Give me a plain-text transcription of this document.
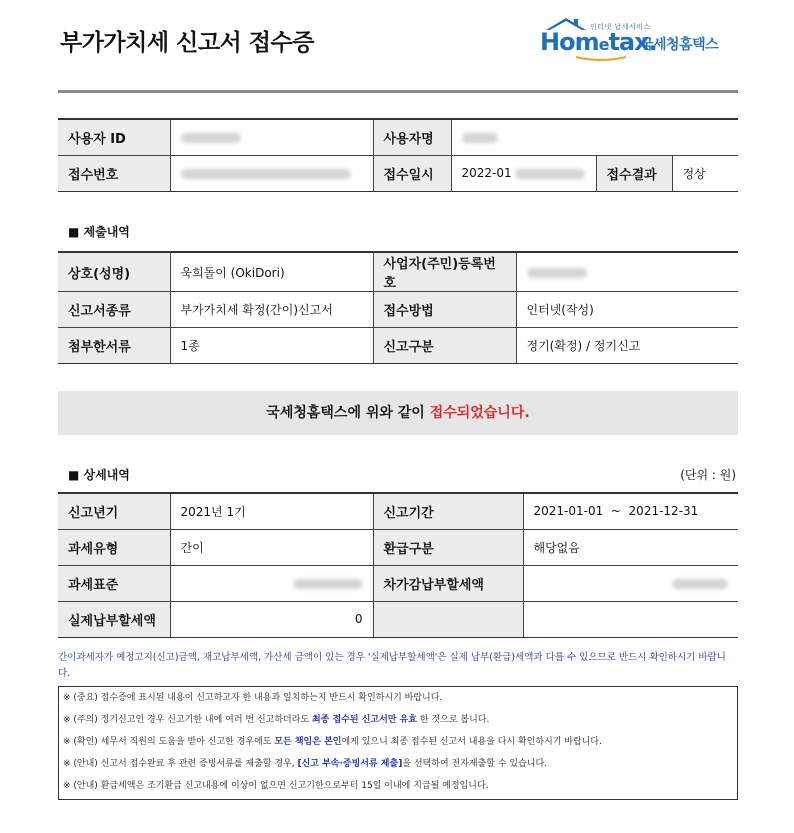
부가가치세 신고서 접수증
인터넷 납세서비스
Hometax.
국세청홈택스
사용자 ID		사용자명			
접수번호		접수일시	2022-01	접수결과	정상
■ 제출내역
상호(성명)	욱희돌이 (OkiDori)	사업자(주민)등록번호	
신고서종류	부가가치세 확정(간이)신고서	접수방법	인터넷(작성)
첨부한서류	1종	신고구분	정기(확정) / 정기신고
국세청홈택스에 위와 같이 접수되었습니다.
■ 상세내역	(단위 : 원)
신고년기	2021년 1기	신고기간	2021-01-01  ~  2021-12-31
과세유형	간이	환급구분	해당없음
과세표준		차가감납부할세액	
실제납부할세액	0		
간이과세자가 예정고지(신고)금액, 재고납부세액, 가산세 금액이 있는 경우 '실제납부할세액'은 실제 납부(환급)세액과 다를 수 있으므로 반드시 확인하시기 바랍니다.
※ (중요) 접수증에 표시된 내용이 신고하고자 한 내용과 일치하는지 반드시 확인하시기 바랍니다.
※ (주의) 정기신고인 경우 신고기한 내에 여러 번 신고하더라도 최종 접수된 신고서만 유효 한 것으로 봅니다.
※ (확인) 세무서 직원의 도움을 받아 신고한 경우에도 모든 책임은 본인에게 있으니 최종 접수된 신고서 내용을 다시 확인하시기 바랍니다.
※ (안내) 신고서 접수완료 후 관련 증빙서류를 제출할 경우, [신고 부속·증빙서류 제출]을 선택하여 전자제출할 수 있습니다.
※ (안내) 환급세액은 조기환급 신고내용에 이상이 없으면 신고기한으로부터 15일 이내에 지급될 예정입니다.
